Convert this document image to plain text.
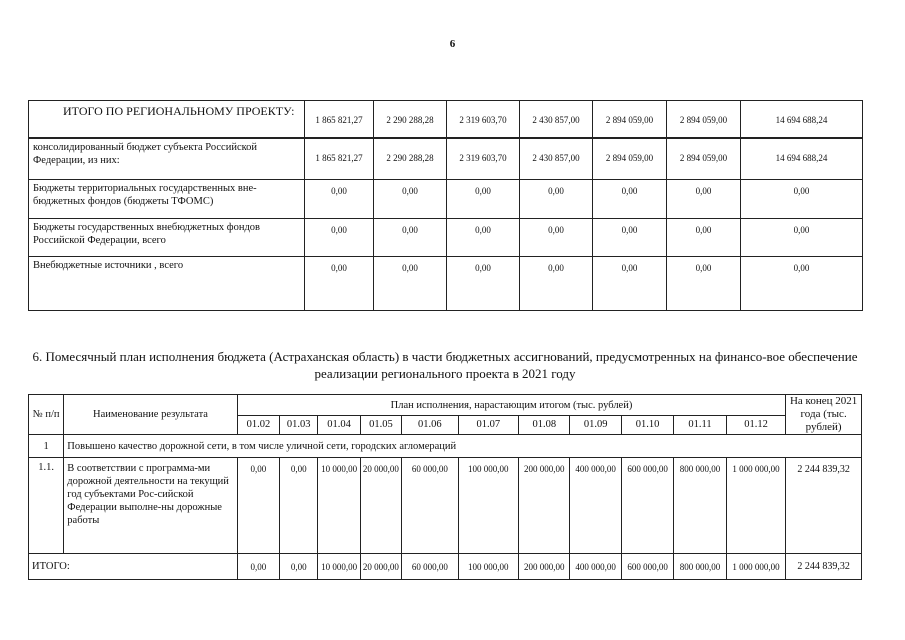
6
ИТОГО ПО РЕГИОНАЛЬНОМУ ПРОЕКТУ:	1 865 821,27	2 290 288,28	2 319 603,70	2 430 857,00	2 894 059,00	2 894 059,00	14 694 688,24
консолидированный бюджет субъекта Российской Федерации, из них:	1 865 821,27	2 290 288,28	2 319 603,70	2 430 857,00	2 894 059,00	2 894 059,00	14 694 688,24
Бюджеты территориальных государственных вне-бюджетных фондов (бюджеты ТФОМС)	0,00	0,00	0,00	0,00	0,00	0,00	0,00
Бюджеты государственных внебюджетных фондов Российской Федерации, всего	0,00	0,00	0,00	0,00	0,00	0,00	0,00
Внебюджетные источники , всего	0,00	0,00	0,00	0,00	0,00	0,00	0,00
6. Помесячный план исполнения бюджета (Астраханская область) в части бюджетных ассигнований, предусмотренных на финансо-вое обеспечение реализации регионального проекта в 2021 году
№ п/п	Наименование результата	План исполнения, нарастающим итогом (тыс. рублей)											На конец 2021 года (тыс. рублей)
		01.02	01.03	01.04	01.05	01.06	01.07	01.08	01.09	01.10	01.11	01.12	
1	Повышено качество дорожной сети, в том числе уличной сети, городских агломераций												
1.1.	В соответствии с программа-ми дорожной деятельности на текущий год субъектами Рос-сийской Федерации выполне-ны дорожные работы	0,00	0,00	10 000,00	20 000,00	60 000,00	100 000,00	200 000,00	400 000,00	600 000,00	800 000,00	1 000 000,00	2 244 839,32
ИТОГО:		0,00	0,00	10 000,00	20 000,00	60 000,00	100 000,00	200 000,00	400 000,00	600 000,00	800 000,00	1 000 000,00	2 244 839,32
